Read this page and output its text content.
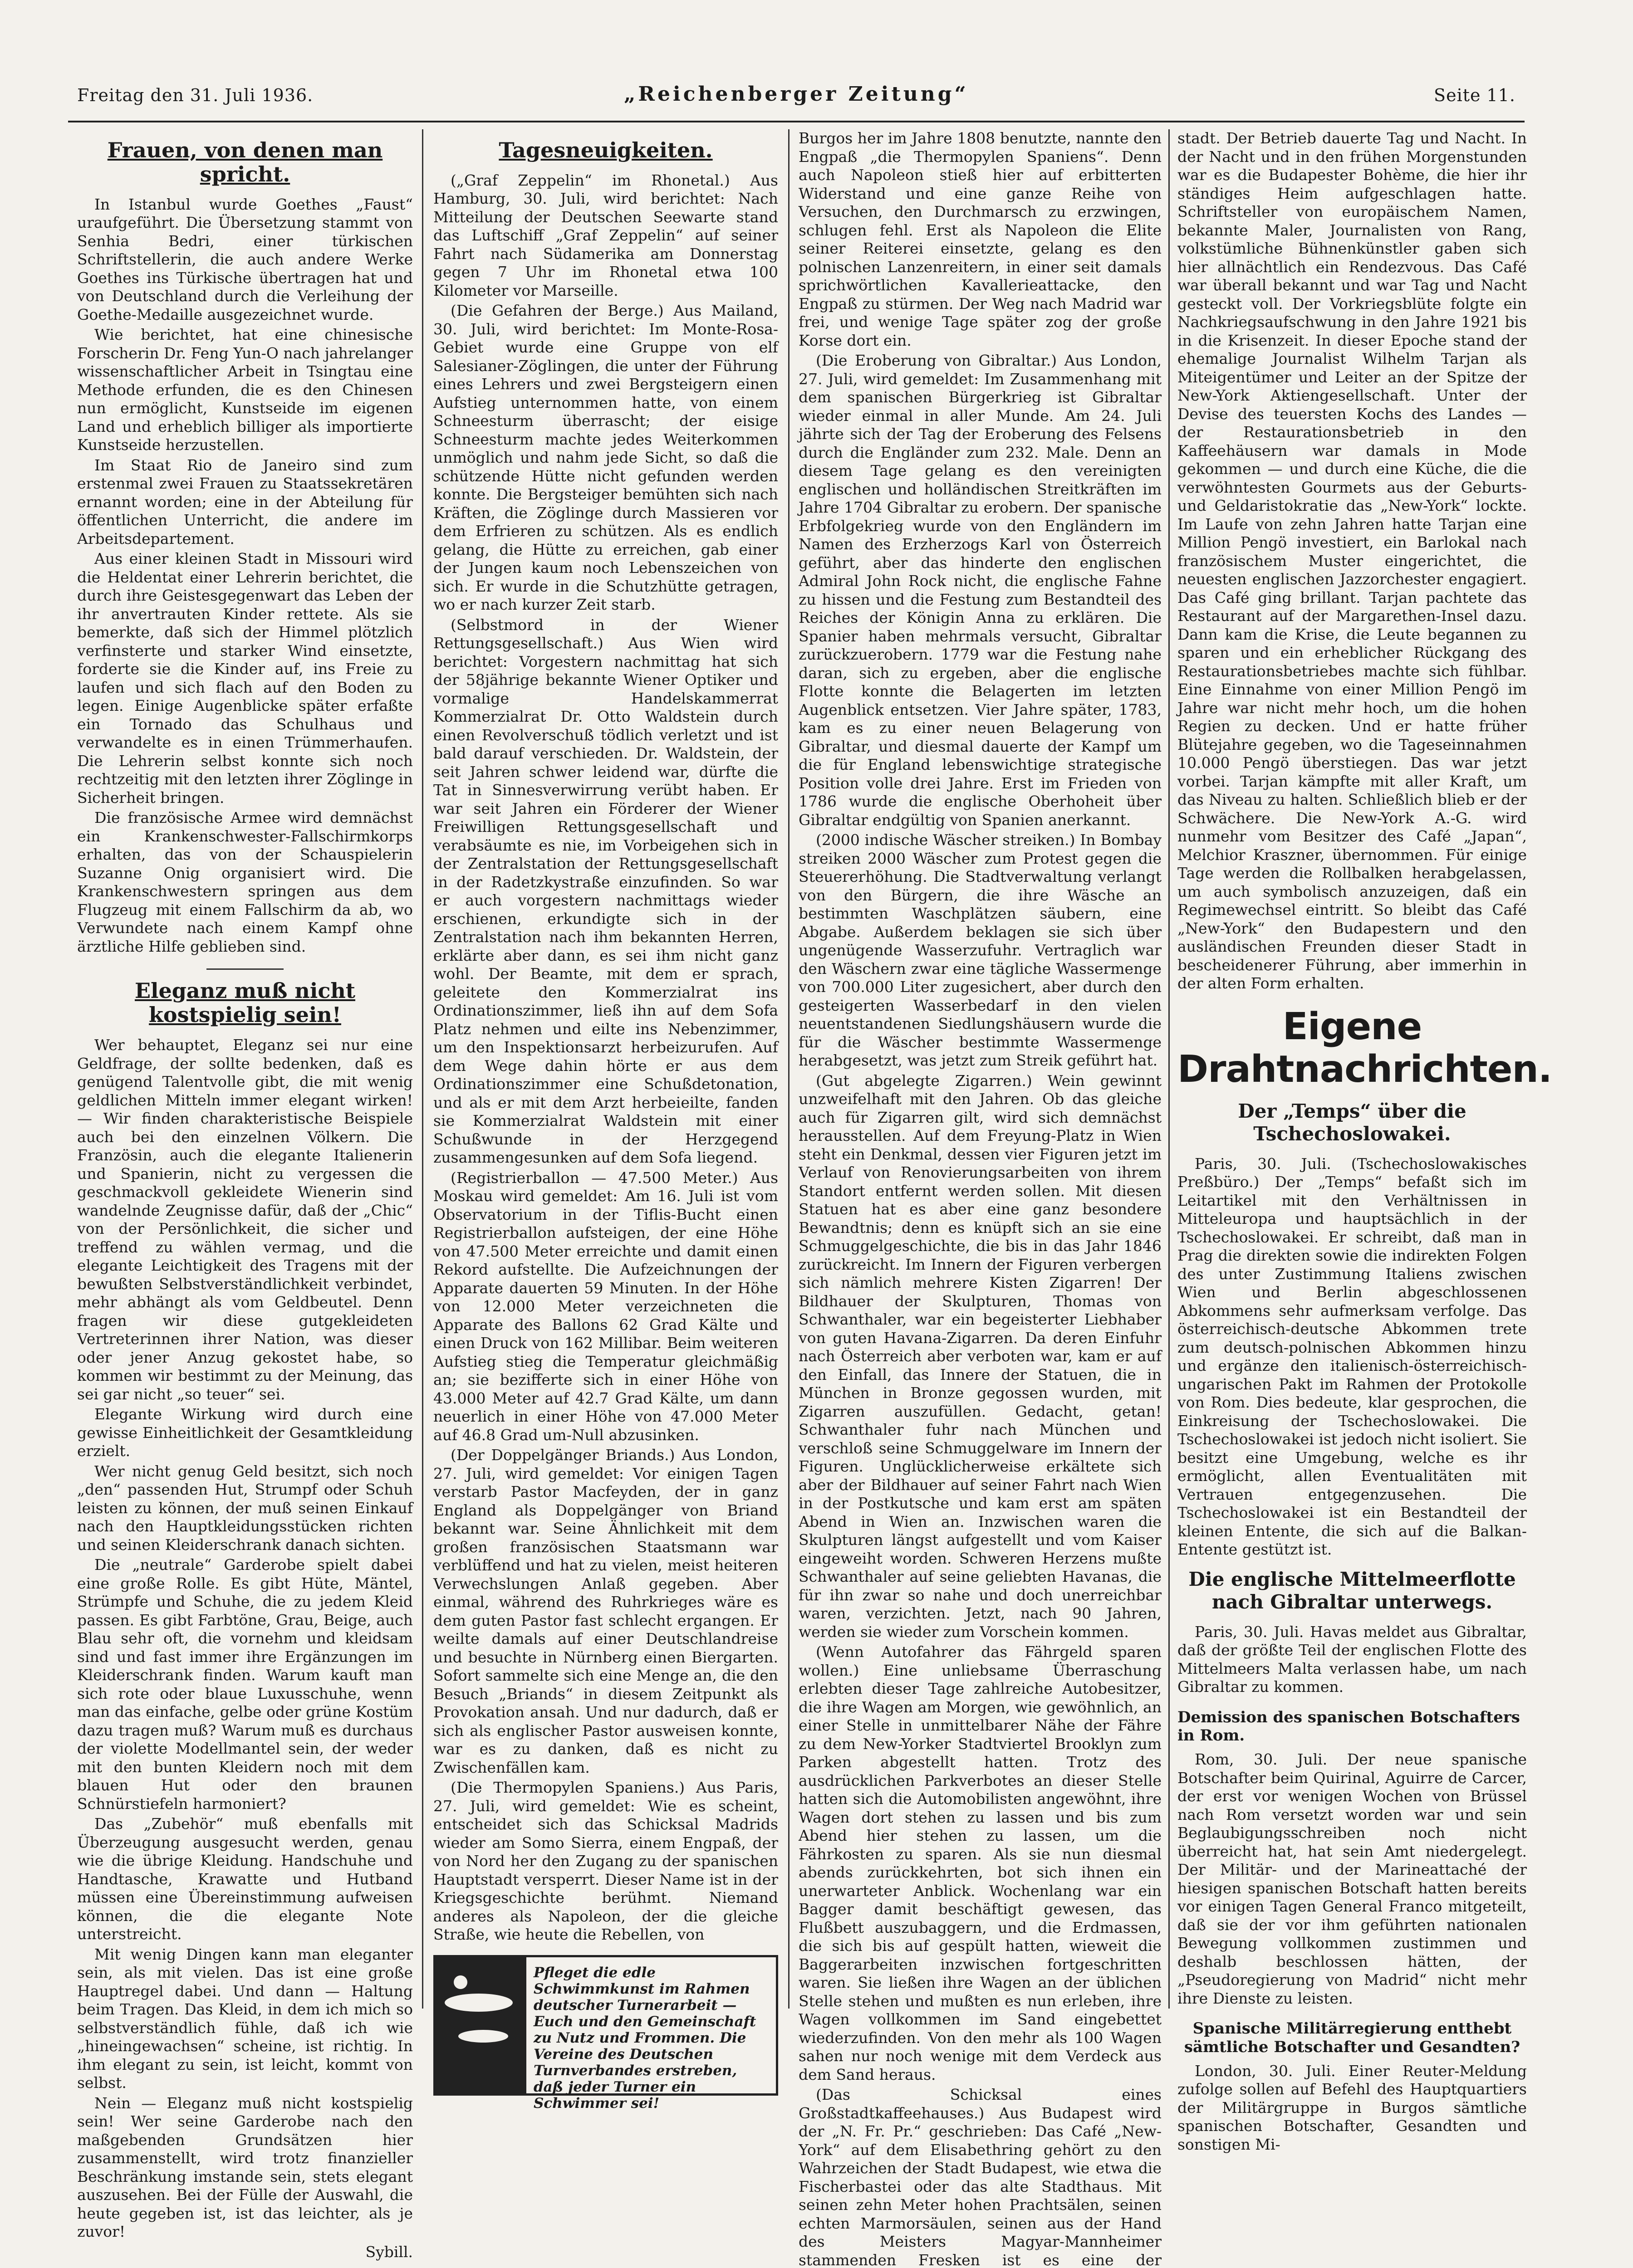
Freitag den 31. Juli 1936.	„Reichenberger Zeitung“	Seite 11.
Frauen, von denen man spricht.

In Istanbul wurde Goethes „Faust“ uraufgeführt. Die Übersetzung stammt von Senhia Bedri, einer türkischen Schriftstellerin, die auch andere Werke Goethes ins Türkische übertragen hat und von Deutschland durch die Verleihung der Goethe-Medaille ausgezeichnet wurde.

Wie berichtet, hat eine chinesische Forscherin Dr. Feng Yun-O nach jahrelanger wissenschaftlicher Arbeit in Tsingtau eine Methode erfunden, die es den Chinesen nun ermöglicht, Kunstseide im eigenen Land und erheblich billiger als importierte Kunstseide herzustellen.

Im Staat Rio de Janeiro sind zum erstenmal zwei Frauen zu Staatssekretären ernannt worden; eine in der Abteilung für öffentlichen Unterricht, die andere im Arbeitsdepartement.

Aus einer kleinen Stadt in Missouri wird die Heldentat einer Lehrerin berichtet, die durch ihre Geistesgegenwart das Leben der ihr anvertrauten Kinder rettete. Als sie bemerkte, daß sich der Himmel plötzlich verfinsterte und starker Wind einsetzte, forderte sie die Kinder auf, ins Freie zu laufen und sich flach auf den Boden zu legen. Einige Augenblicke später erfaßte ein Tornado das Schulhaus und verwandelte es in einen Trümmerhaufen. Die Lehrerin selbst konnte sich noch rechtzeitig mit den letzten ihrer Zöglinge in Sicherheit bringen.

Die französische Armee wird demnächst ein Krankenschwester-Fallschirmkorps erhalten, das von der Schauspielerin Suzanne Onig organisiert wird. Die Krankenschwestern springen aus dem Flugzeug mit einem Fallschirm da ab, wo Verwundete nach einem Kampf ohne ärztliche Hilfe geblieben sind.

Eleganz muß nicht kostspielig sein!

Wer behauptet, Eleganz sei nur eine Geldfrage, der sollte bedenken, daß es genügend Talentvolle gibt, die mit wenig geldlichen Mitteln immer elegant wirken! — Wir finden charakteristische Beispiele auch bei den einzelnen Völkern. Die Französin, auch die elegante Italienerin und Spanierin, nicht zu vergessen die geschmackvoll gekleidete Wienerin sind wandelnde Zeugnisse dafür, daß der „Chic“ von der Persönlichkeit, die sicher und treffend zu wählen vermag, und die elegante Leichtigkeit des Tragens mit der bewußten Selbstverständlichkeit verbindet, mehr abhängt als vom Geldbeutel. Denn fragen wir diese gutgekleideten Vertreterinnen ihrer Nation, was dieser oder jener Anzug gekostet habe, so kommen wir bestimmt zu der Meinung, das sei gar nicht „so teuer“ sei.

Elegante Wirkung wird durch eine gewisse Einheitlichkeit der Gesamtkleidung erzielt.

Wer nicht genug Geld besitzt, sich noch „den“ passenden Hut, Strumpf oder Schuh leisten zu können, der muß seinen Einkauf nach den Hauptkleidungsstücken richten und seinen Kleiderschrank danach sichten.

Die „neutrale“ Garderobe spielt dabei eine große Rolle. Es gibt Hüte, Mäntel, Strümpfe und Schuhe, die zu jedem Kleid passen. Es gibt Farbtöne, Grau, Beige, auch Blau sehr oft, die vornehm und kleidsam sind und fast immer ihre Ergänzungen im Kleiderschrank finden. Warum kauft man sich rote oder blaue Luxusschuhe, wenn man das einfache, gelbe oder grüne Kostüm dazu tragen muß? Warum muß es durchaus der violette Modellmantel sein, der weder mit den bunten Kleidern noch mit dem blauen Hut oder den braunen Schnürstiefeln harmoniert?

Das „Zubehör“ muß ebenfalls mit Überzeugung ausgesucht werden, genau wie die übrige Kleidung. Handschuhe und Handtasche, Krawatte und Hutband müssen eine Übereinstimmung aufweisen können, die die elegante Note unterstreicht.

Mit wenig Dingen kann man eleganter sein, als mit vielen. Das ist eine große Hauptregel dabei. Und dann — Haltung beim Tragen. Das Kleid, in dem ich mich so selbstverständlich fühle, daß ich wie „hineingewachsen“ scheine, ist richtig. In ihm elegant zu sein, ist leicht, kommt von selbst.

Nein — Eleganz muß nicht kostspielig sein! Wer seine Garderobe nach den maßgebenden Grundsätzen hier zusammenstellt, wird trotz finanzieller Beschränkung imstande sein, stets elegant auszusehen. Bei der Fülle der Auswahl, die heute gegeben ist, ist das leichter, als je zuvor!

Sybill.
Tagesneuigkeiten.

(„Graf Zeppelin“ im Rhonetal.) Aus Hamburg, 30. Juli, wird berichtet: Nach Mitteilung der Deutschen Seewarte stand das Luftschiff „Graf Zeppelin“ auf seiner Fahrt nach Südamerika am Donnerstag gegen 7 Uhr im Rhonetal etwa 100 Kilometer vor Marseille.

(Die Gefahren der Berge.) Aus Mailand, 30. Juli, wird berichtet: Im Monte-Rosa-Gebiet wurde eine Gruppe von elf Salesianer-Zöglingen, die unter der Führung eines Lehrers und zwei Bergsteigern einen Aufstieg unternommen hatte, von einem Schneesturm überrascht; der eisige Schneesturm machte jedes Weiterkommen unmöglich und nahm jede Sicht, so daß die schützende Hütte nicht gefunden werden konnte. Die Bergsteiger bemühten sich nach Kräften, die Zöglinge durch Massieren vor dem Erfrieren zu schützen. Als es endlich gelang, die Hütte zu erreichen, gab einer der Jungen kaum noch Lebenszeichen von sich. Er wurde in die Schutzhütte getragen, wo er nach kurzer Zeit starb.

(Selbstmord in der Wiener Rettungsgesellschaft.) Aus Wien wird berichtet: Vorgestern nachmittag hat sich der 58jährige bekannte Wiener Optiker und vormalige Handelskammerrat Kommerzialrat Dr. Otto Waldstein durch einen Revolverschuß tödlich verletzt und ist bald darauf verschieden. Dr. Waldstein, der seit Jahren schwer leidend war, dürfte die Tat in Sinnesverwirrung verübt haben. Er war seit Jahren ein Förderer der Wiener Freiwilligen Rettungsgesellschaft und verabsäumte es nie, im Vorbeigehen sich in der Zentralstation der Rettungsgesellschaft in der Radetzkystraße einzufinden. So war er auch vorgestern nachmittags wieder erschienen, erkundigte sich in der Zentralstation nach ihm bekannten Herren, erklärte aber dann, es sei ihm nicht ganz wohl. Der Beamte, mit dem er sprach, geleitete den Kommerzialrat ins Ordinationszimmer, ließ ihn auf dem Sofa Platz nehmen und eilte ins Nebenzimmer, um den Inspektionsarzt herbeizurufen. Auf dem Wege dahin hörte er aus dem Ordinationszimmer eine Schußdetonation, und als er mit dem Arzt herbeieilte, fanden sie Kommerzialrat Waldstein mit einer Schußwunde in der Herzgegend zusammengesunken auf dem Sofa liegend.

(Registrierballon — 47.500 Meter.) Aus Moskau wird gemeldet: Am 16. Juli ist vom Observatorium in der Tiflis-Bucht einen Registrierballon aufsteigen, der eine Höhe von 47.500 Meter erreichte und damit einen Rekord aufstellte. Die Aufzeichnungen der Apparate dauerten 59 Minuten. In der Höhe von 12.000 Meter verzeichneten die Apparate des Ballons 62 Grad Kälte und einen Druck von 162 Millibar. Beim weiteren Aufstieg stieg die Temperatur gleichmäßig an; sie bezifferte sich in einer Höhe von 43.000 Meter auf 42.7 Grad Kälte, um dann neuerlich in einer Höhe von 47.000 Meter auf 46.8 Grad um-Null abzusinken.

(Der Doppelgänger Briands.) Aus London, 27. Juli, wird gemeldet: Vor einigen Tagen verstarb Pastor Macfeyden, der in ganz England als Doppelgänger von Briand bekannt war. Seine Ähnlichkeit mit dem großen französischen Staatsmann war verblüffend und hat zu vielen, meist heiteren Verwechslungen Anlaß gegeben. Aber einmal, während des Ruhrkrieges wäre es dem guten Pastor fast schlecht ergangen. Er weilte damals auf einer Deutschlandreise und besuchte in Nürnberg einen Biergarten. Sofort sammelte sich eine Menge an, die den Besuch „Briands“ in diesem Zeitpunkt als Provokation ansah. Und nur dadurch, daß er sich als englischer Pastor ausweisen konnte, war es zu danken, daß es nicht zu Zwischenfällen kam.

(Die Thermopylen Spaniens.) Aus Paris, 27. Juli, wird gemeldet: Wie es scheint, entscheidet sich das Schicksal Madrids wieder am Somo Sierra, einem Engpaß, der von Nord her den Zugang zu der spanischen Hauptstadt versperrt. Dieser Name ist in der Kriegsgeschichte berühmt. Niemand anderes als Napoleon, der die gleiche Straße, wie heute die Rebellen, von

Pfleget die edle Schwimmkunst im Rahmen deutscher Turnerarbeit — Euch und den Gemeinschaft zu Nutz und Frommen. Die Vereine des Deutschen Turnverbandes erstreben, daß jeder Turner ein Schwimmer sei!

Burgos her im Jahre 1808 benutzte, nannte den Engpaß „die Thermopylen Spaniens“. Denn auch Napoleon stieß hier auf erbitterten Widerstand und eine ganze Reihe von Versuchen, den Durchmarsch zu erzwingen, schlugen fehl. Erst als Napoleon die Elite seiner Reiterei einsetzte, gelang es den polnischen Lanzenreitern, in einer seit damals sprichwörtlichen Kavallerieattacke, den Engpaß zu stürmen. Der Weg nach Madrid war frei, und wenige Tage später zog der große Korse dort ein.

(Die Eroberung von Gibraltar.) Aus London, 27. Juli, wird gemeldet: Im Zusammenhang mit dem spanischen Bürgerkrieg ist Gibraltar wieder einmal in aller Munde. Am 24. Juli jährte sich der Tag der Eroberung des Felsens durch die Engländer zum 232. Male. Denn an diesem Tage gelang es den vereinigten englischen und holländischen Streitkräften im Jahre 1704 Gibraltar zu erobern. Der spanische Erbfolgekrieg wurde von den Engländern im Namen des Erzherzogs Karl von Österreich geführt, aber das hinderte den englischen Admiral John Rock nicht, die englische Fahne zu hissen und die Festung zum Bestandteil des Reiches der Königin Anna zu erklären. Die Spanier haben mehrmals versucht, Gibraltar zurückzuerobern. 1779 war die Festung nahe daran, sich zu ergeben, aber die englische Flotte konnte die Belagerten im letzten Augenblick entsetzen. Vier Jahre später, 1783, kam es zu einer neuen Belagerung von Gibraltar, und diesmal dauerte der Kampf um die für England lebenswichtige strategische Position volle drei Jahre. Erst im Frieden von 1786 wurde die englische Oberhoheit über Gibraltar endgültig von Spanien anerkannt.

(2000 indische Wäscher streiken.) In Bombay streiken 2000 Wäscher zum Protest gegen die Steuererhöhung. Die Stadtverwaltung verlangt von den Bürgern, die ihre Wäsche an bestimmten Waschplätzen säubern, eine Abgabe. Außerdem beklagen sie sich über ungenügende Wasserzufuhr. Vertraglich war den Wäschern zwar eine tägliche Wassermenge von 700.000 Liter zugesichert, aber durch den gesteigerten Wasserbedarf in den vielen neuentstandenen Siedlungshäusern wurde die für die Wäscher bestimmte Wassermenge herabgesetzt, was jetzt zum Streik geführt hat.

(Gut abgelegte Zigarren.) Wein gewinnt unzweifelhaft mit den Jahren. Ob das gleiche auch für Zigarren gilt, wird sich demnächst herausstellen. Auf dem Freyung-Platz in Wien steht ein Denkmal, dessen vier Figuren jetzt im Verlauf von Renovierungsarbeiten von ihrem Standort entfernt werden sollen. Mit diesen Statuen hat es aber eine ganz besondere Bewandtnis; denn es knüpft sich an sie eine Schmuggelgeschichte, die bis in das Jahr 1846 zurückreicht. Im Innern der Figuren verbergen sich nämlich mehrere Kisten Zigarren! Der Bildhauer der Skulpturen, Thomas von Schwanthaler, war ein begeisterter Liebhaber von guten Havana-Zigarren. Da deren Einfuhr nach Österreich aber verboten war, kam er auf den Einfall, das Innere der Statuen, die in München in Bronze gegossen wurden, mit Zigarren auszufüllen. Gedacht, getan! Schwanthaler fuhr nach München und verschloß seine Schmuggelware im Innern der Figuren. Unglücklicherweise erkältete sich aber der Bildhauer auf seiner Fahrt nach Wien in der Postkutsche und kam erst am späten Abend in Wien an. Inzwischen waren die Skulpturen längst aufgestellt und vom Kaiser eingeweiht worden. Schweren Herzens mußte Schwanthaler auf seine geliebten Havanas, die für ihn zwar so nahe und doch unerreichbar waren, verzichten. Jetzt, nach 90 Jahren, werden sie wieder zum Vorschein kommen.

(Wenn Autofahrer das Fährgeld sparen wollen.) Eine unliebsame Überraschung erlebten dieser Tage zahlreiche Autobesitzer, die ihre Wagen am Morgen, wie gewöhnlich, an einer Stelle in unmittelbarer Nähe der Fähre zu dem New-Yorker Stadtviertel Brooklyn zum Parken abgestellt hatten. Trotz des ausdrücklichen Parkverbotes an dieser Stelle hatten sich die Automobilisten angewöhnt, ihre Wagen dort stehen zu lassen und bis zum Abend hier stehen zu lassen, um die Fährkosten zu sparen. Als sie nun diesmal abends zurückkehrten, bot sich ihnen ein unerwarteter Anblick. Wochenlang war ein Bagger damit beschäftigt gewesen, das Flußbett auszubaggern, und die Erdmassen, die sich bis auf gespült hatten, wieweit die Baggerarbeiten inzwischen fortgeschritten waren. Sie ließen ihre Wagen an der üblichen Stelle stehen und mußten es nun erleben, ihre Wagen vollkommen im Sand eingebettet wiederzufinden. Von den mehr als 100 Wagen sahen nur noch wenige mit dem Verdeck aus dem Sand heraus.

(Das Schicksal eines Großstadtkaffeehauses.) Aus Budapest wird der „N. Fr. Pr.“ geschrieben: Das Café „New-York“ auf dem Elisabethring gehört zu den Wahrzeichen der Stadt Budapest, wie etwa die Fischerbastei oder das alte Stadthaus. Mit seinen zehn Meter hohen Prachtsälen, seinen echten Marmorsäulen, seinen aus der Hand des Meisters Magyar-Mannheimer stammenden Fresken ist es eine der

stadt. Der Betrieb dauerte Tag und Nacht. In der Nacht und in den frühen Morgenstunden war es die Budapester Bohème, die hier ihr ständiges Heim aufgeschlagen hatte. Schriftsteller von europäischem Namen, bekannte Maler, Journalisten von Rang, volkstümliche Bühnenkünstler gaben sich hier allnächtlich ein Rendezvous. Das Café war überall bekannt und war Tag und Nacht gesteckt voll. Der Vorkriegsblüte folgte ein Nachkriegsaufschwung in den Jahre 1921 bis in die Krisenzeit. In dieser Epoche stand der ehemalige Journalist Wilhelm Tarjan als Miteigentümer und Leiter an der Spitze der New-York Aktiengesellschaft. Unter der Devise des teuersten Kochs des Landes — der Restaurationsbetrieb in den Kaffeehäusern war damals in Mode gekommen — und durch eine Küche, die die verwöhntesten Gourmets aus der Geburts- und Geldaristokratie das „New-York“ lockte. Im Laufe von zehn Jahren hatte Tarjan eine Million Pengö investiert, ein Barlokal nach französischem Muster eingerichtet, die neuesten englischen Jazzorchester engagiert. Das Café ging brillant. Tarjan pachtete das Restaurant auf der Margarethen-Insel dazu. Dann kam die Krise, die Leute begannen zu sparen und ein erheblicher Rückgang des Restaurationsbetriebes machte sich fühlbar. Eine Einnahme von einer Million Pengö im Jahre war nicht mehr hoch, um die hohen Regien zu decken. Und er hatte früher Blütejahre gegeben, wo die Tageseinnahmen 10.000 Pengö überstiegen. Das war jetzt vorbei. Tarjan kämpfte mit aller Kraft, um das Niveau zu halten. Schließlich blieb er der Schwächere. Die New-York A.-G. wird nunmehr vom Besitzer des Café „Japan“, Melchior Kraszner, übernommen. Für einige Tage werden die Rollbalken herabgelassen, um auch symbolisch anzuzeigen, daß ein Regimewechsel eintritt. So bleibt das Café „New-York“ den Budapestern und den ausländischen Freunden dieser Stadt in bescheidenerer Führung, aber immerhin in der alten Form erhalten.

Eigene Drahtnachrichten.
Der „Temps“ über die Tschechoslowakei.

Paris, 30. Juli. (Tschechoslowakisches Preßbüro.) Der „Temps“ befaßt sich im Leitartikel mit den Verhältnissen in Mitteleuropa und hauptsächlich in der Tschechoslowakei. Er schreibt, daß man in Prag die direkten sowie die indirekten Folgen des unter Zustimmung Italiens zwischen Wien und Berlin abgeschlossenen Abkommens sehr aufmerksam verfolge. Das österreichisch-deutsche Abkommen trete zum deutsch-polnischen Abkommen hinzu und ergänze den italienisch-österreichisch-ungarischen Pakt im Rahmen der Protokolle von Rom. Dies bedeute, klar gesprochen, die Einkreisung der Tschechoslowakei. Die Tschechoslowakei ist jedoch nicht isoliert. Sie besitzt eine Umgebung, welche es ihr ermöglicht, allen Eventualitäten mit Vertrauen entgegenzusehen. Die Tschechoslowakei ist ein Bestandteil der kleinen Entente, die sich auf die Balkan-Entente gestützt ist.

Die englische Mittelmeerflotte nach Gibraltar unterwegs.

Paris, 30. Juli. Havas meldet aus Gibraltar, daß der größte Teil der englischen Flotte des Mittelmeers Malta verlassen habe, um nach Gibraltar zu kommen.

Demission des spanischen Botschafters in Rom.

Rom, 30. Juli. Der neue spanische Botschafter beim Quirinal, Aguirre de Carcer, der erst vor wenigen Wochen von Brüssel nach Rom versetzt worden war und sein Beglaubigungsschreiben noch nicht überreicht hat, hat sein Amt niedergelegt. Der Militär- und der Marineattaché der hiesigen spanischen Botschaft hatten bereits vor einigen Tagen General Franco mitgeteilt, daß sie der vor ihm geführten nationalen Bewegung vollkommen zustimmen und deshalb beschlossen hätten, der „Pseudoregierung von Madrid“ nicht mehr ihre Dienste zu leisten.

Spanische Militärregierung entthebt sämtliche Botschafter und Gesandten?

London, 30. Juli. Einer Reuter-Meldung zufolge sollen auf Befehl des Hauptquartiers der Militärgruppe in Burgos sämtliche spanischen Botschafter, Gesandten und sonstigen Mi-
